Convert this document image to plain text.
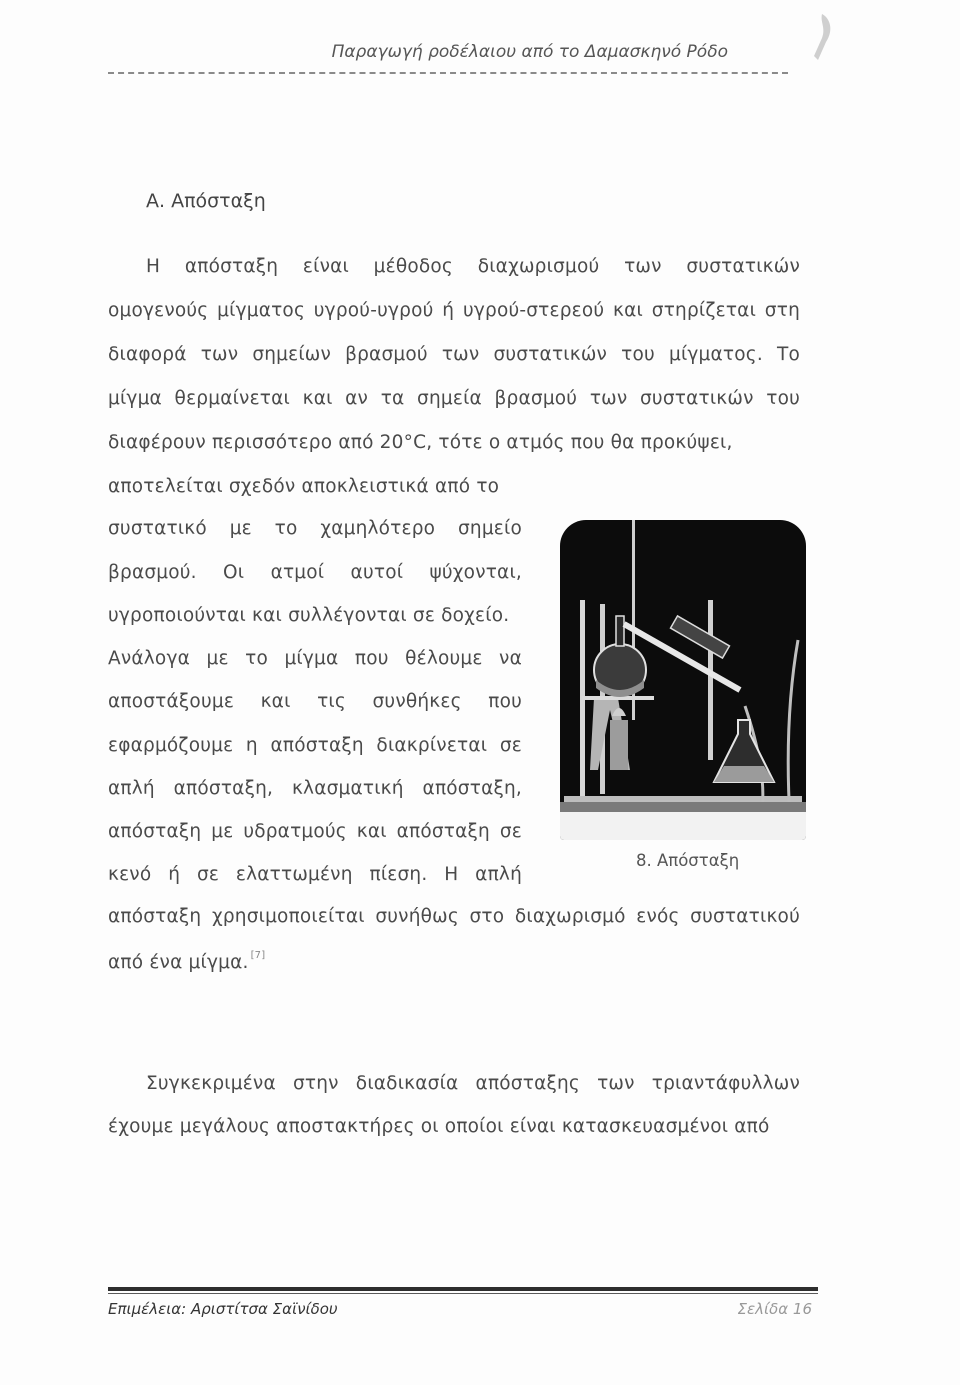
Παραγωγή ροδέλαιου από το Δαμασκηνό Ρόδο
Α. Απόσταξη
Η απόσταξη είναι μέθοδος διαχωρισμού των συστατικών
ομογενούς μίγματος υγρού-υγρού ή υγρού-στερεού και στηρίζεται στη
διαφορά των σημείων βρασμού των συστατικών του μίγματος. Το
μίγμα θερμαίνεται και αν τα σημεία βρασμού των συστατικών του
διαφέρουν περισσότερο από 20°C, τότε ο ατμός που θα προκύψει,
αποτελείται σχεδόν αποκλειστικά από το
συστατικό με το χαμηλότερο σημείο
βρασμού. Οι ατμοί αυτοί ψύχονται,
υγροποιούνται και συλλέγονται σε δοχείο.
Ανάλογα με το μίγμα που θέλουμε να
αποστάξουμε και τις συνθήκες που
εφαρμόζουμε η απόσταξη διακρίνεται σε
απλή απόσταξη, κλασματική απόσταξη,
απόσταξη με υδρατμούς και απόσταξη σε
κενό ή σε ελαττωμένη πίεση. Η απλή
απόσταξη χρησιμοποιείται συνήθως στο διαχωρισμό ενός συστατικού
από ένα μίγμα. [7]
8. Απόσταξη
Συγκεκριμένα στην διαδικασία απόσταξης των τριαντάφυλλων
έχουμε μεγάλους αποστακτήρες οι οποίοι είναι κατασκευασμένοι από
Επιμέλεια: Αριστίτσα Σαϊνίδου	Σελίδα 16
